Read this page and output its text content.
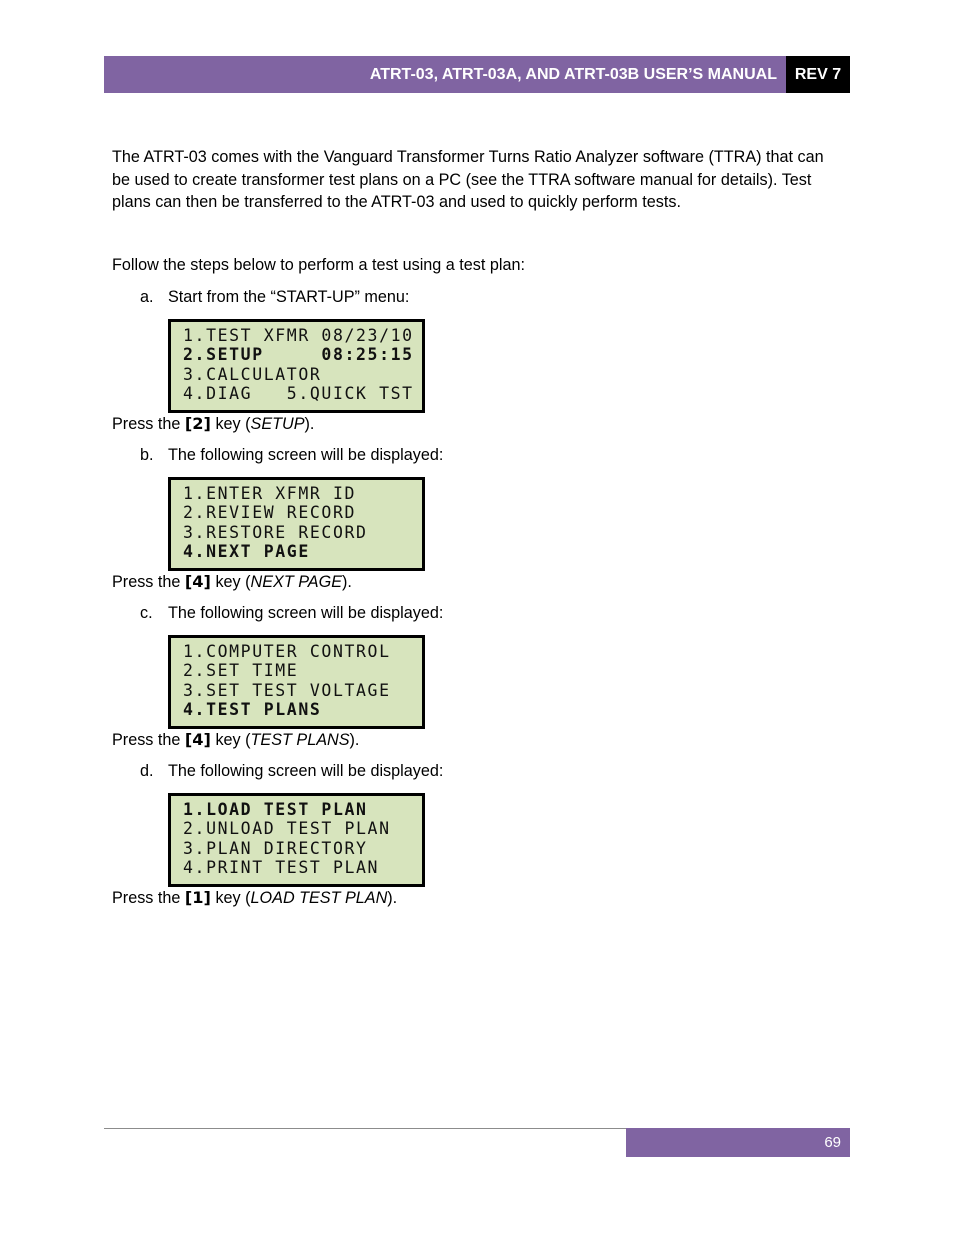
ATRT-03, ATRT-03A, AND ATRT-03B USER’S MANUAL	REV 7

The ATRT-03 comes with the Vanguard Transformer Turns Ratio Analyzer software (TTRA) that can be used to create transformer test plans on a PC (see the TTRA software manual for details). Test plans can then be transferred to the ATRT-03 and used to quickly perform tests.

Follow the steps below to perform a test using a test plan:

a. Start from the “START-UP” menu:
1.TEST XFMR 08/23/10
2.SETUP     08:25:15
3.CALCULATOR
4.DIAG   5.QUICK TST

Press the [2] key (SETUP).

b. The following screen will be displayed:
1.ENTER XFMR ID
2.REVIEW RECORD
3.RESTORE RECORD
4.NEXT PAGE

Press the [4] key (NEXT PAGE).

c. The following screen will be displayed:
1.COMPUTER CONTROL
2.SET TIME
3.SET TEST VOLTAGE
4.TEST PLANS

Press the [4] key (TEST PLANS).

d. The following screen will be displayed:
1.LOAD TEST PLAN
2.UNLOAD TEST PLAN
3.PLAN DIRECTORY
4.PRINT TEST PLAN

Press the [1] key (LOAD TEST PLAN).

69
